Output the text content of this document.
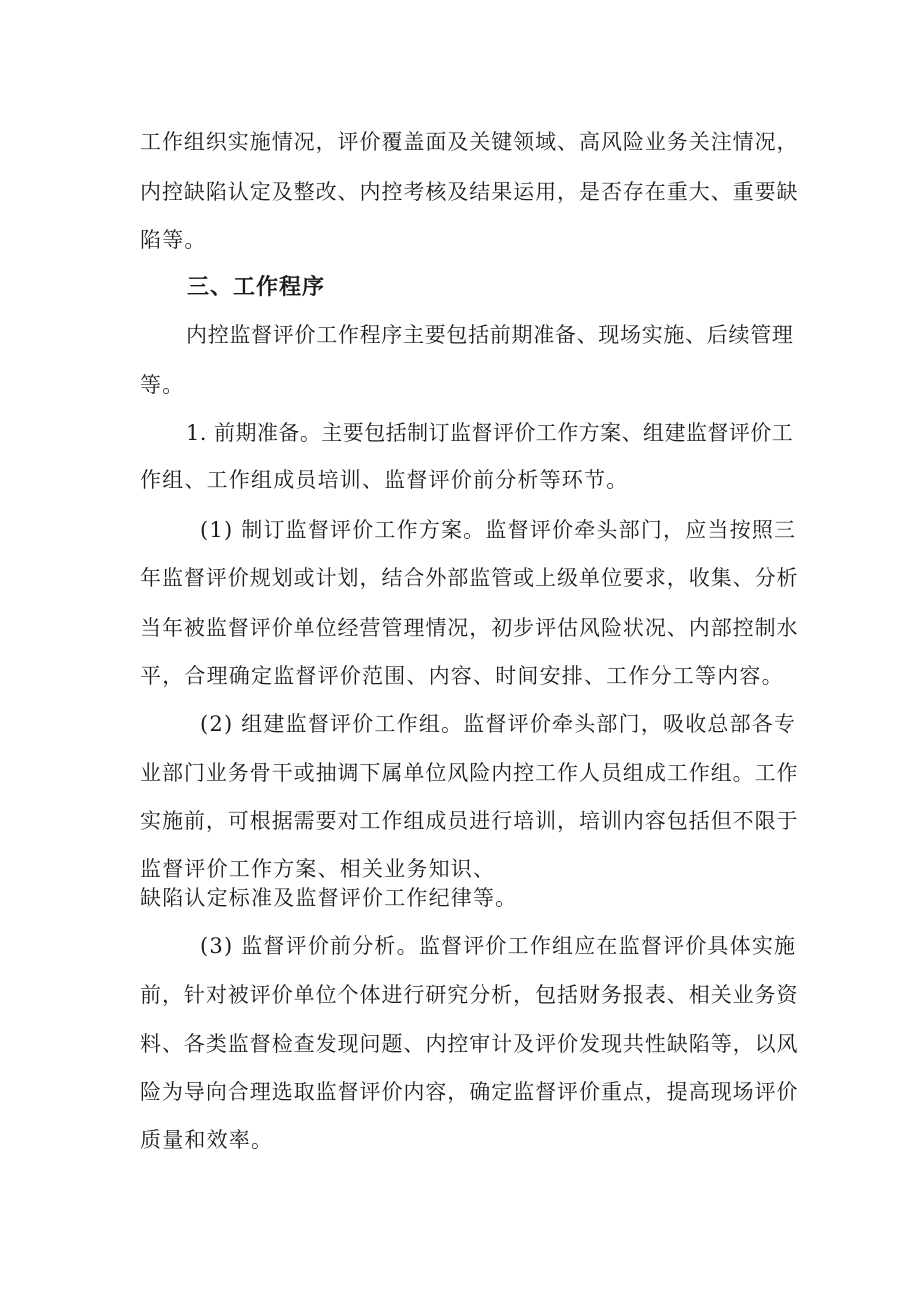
工作组织实施情况，评价覆盖面及关键领域、高风险业务关注情况，
内控缺陷认定及整改、内控考核及结果运用，是否存在重大、重要缺
陷等。
三、工作程序
内控监督评价工作程序主要包括前期准备、现场实施、后续管理
等。
1. 前期准备。主要包括制订监督评价工作方案、组建监督评价工
作组、工作组成员培训、监督评价前分析等环节。
(1) 制订监督评价工作方案。监督评价牵头部门，应当按照三
年监督评价规划或计划，结合外部监管或上级单位要求，收集、分析
当年被监督评价单位经营管理情况，初步评估风险状况、内部控制水
平，合理确定监督评价范围、内容、时间安排、工作分工等内容。
(2) 组建监督评价工作组。监督评价牵头部门，吸收总部各专
业部门业务骨干或抽调下属单位风险内控工作人员组成工作组。工作
实施前，可根据需要对工作组成员进行培训，培训内容包括但不限于
监督评价工作方案、相关业务知识、
缺陷认定标准及监督评价工作纪律等。
(3) 监督评价前分析。监督评价工作组应在监督评价具体实施
前，针对被评价单位个体进行研究分析，包括财务报表、相关业务资
料、各类监督检查发现问题、内控审计及评价发现共性缺陷等，以风
险为导向合理选取监督评价内容，确定监督评价重点，提高现场评价
质量和效率。
